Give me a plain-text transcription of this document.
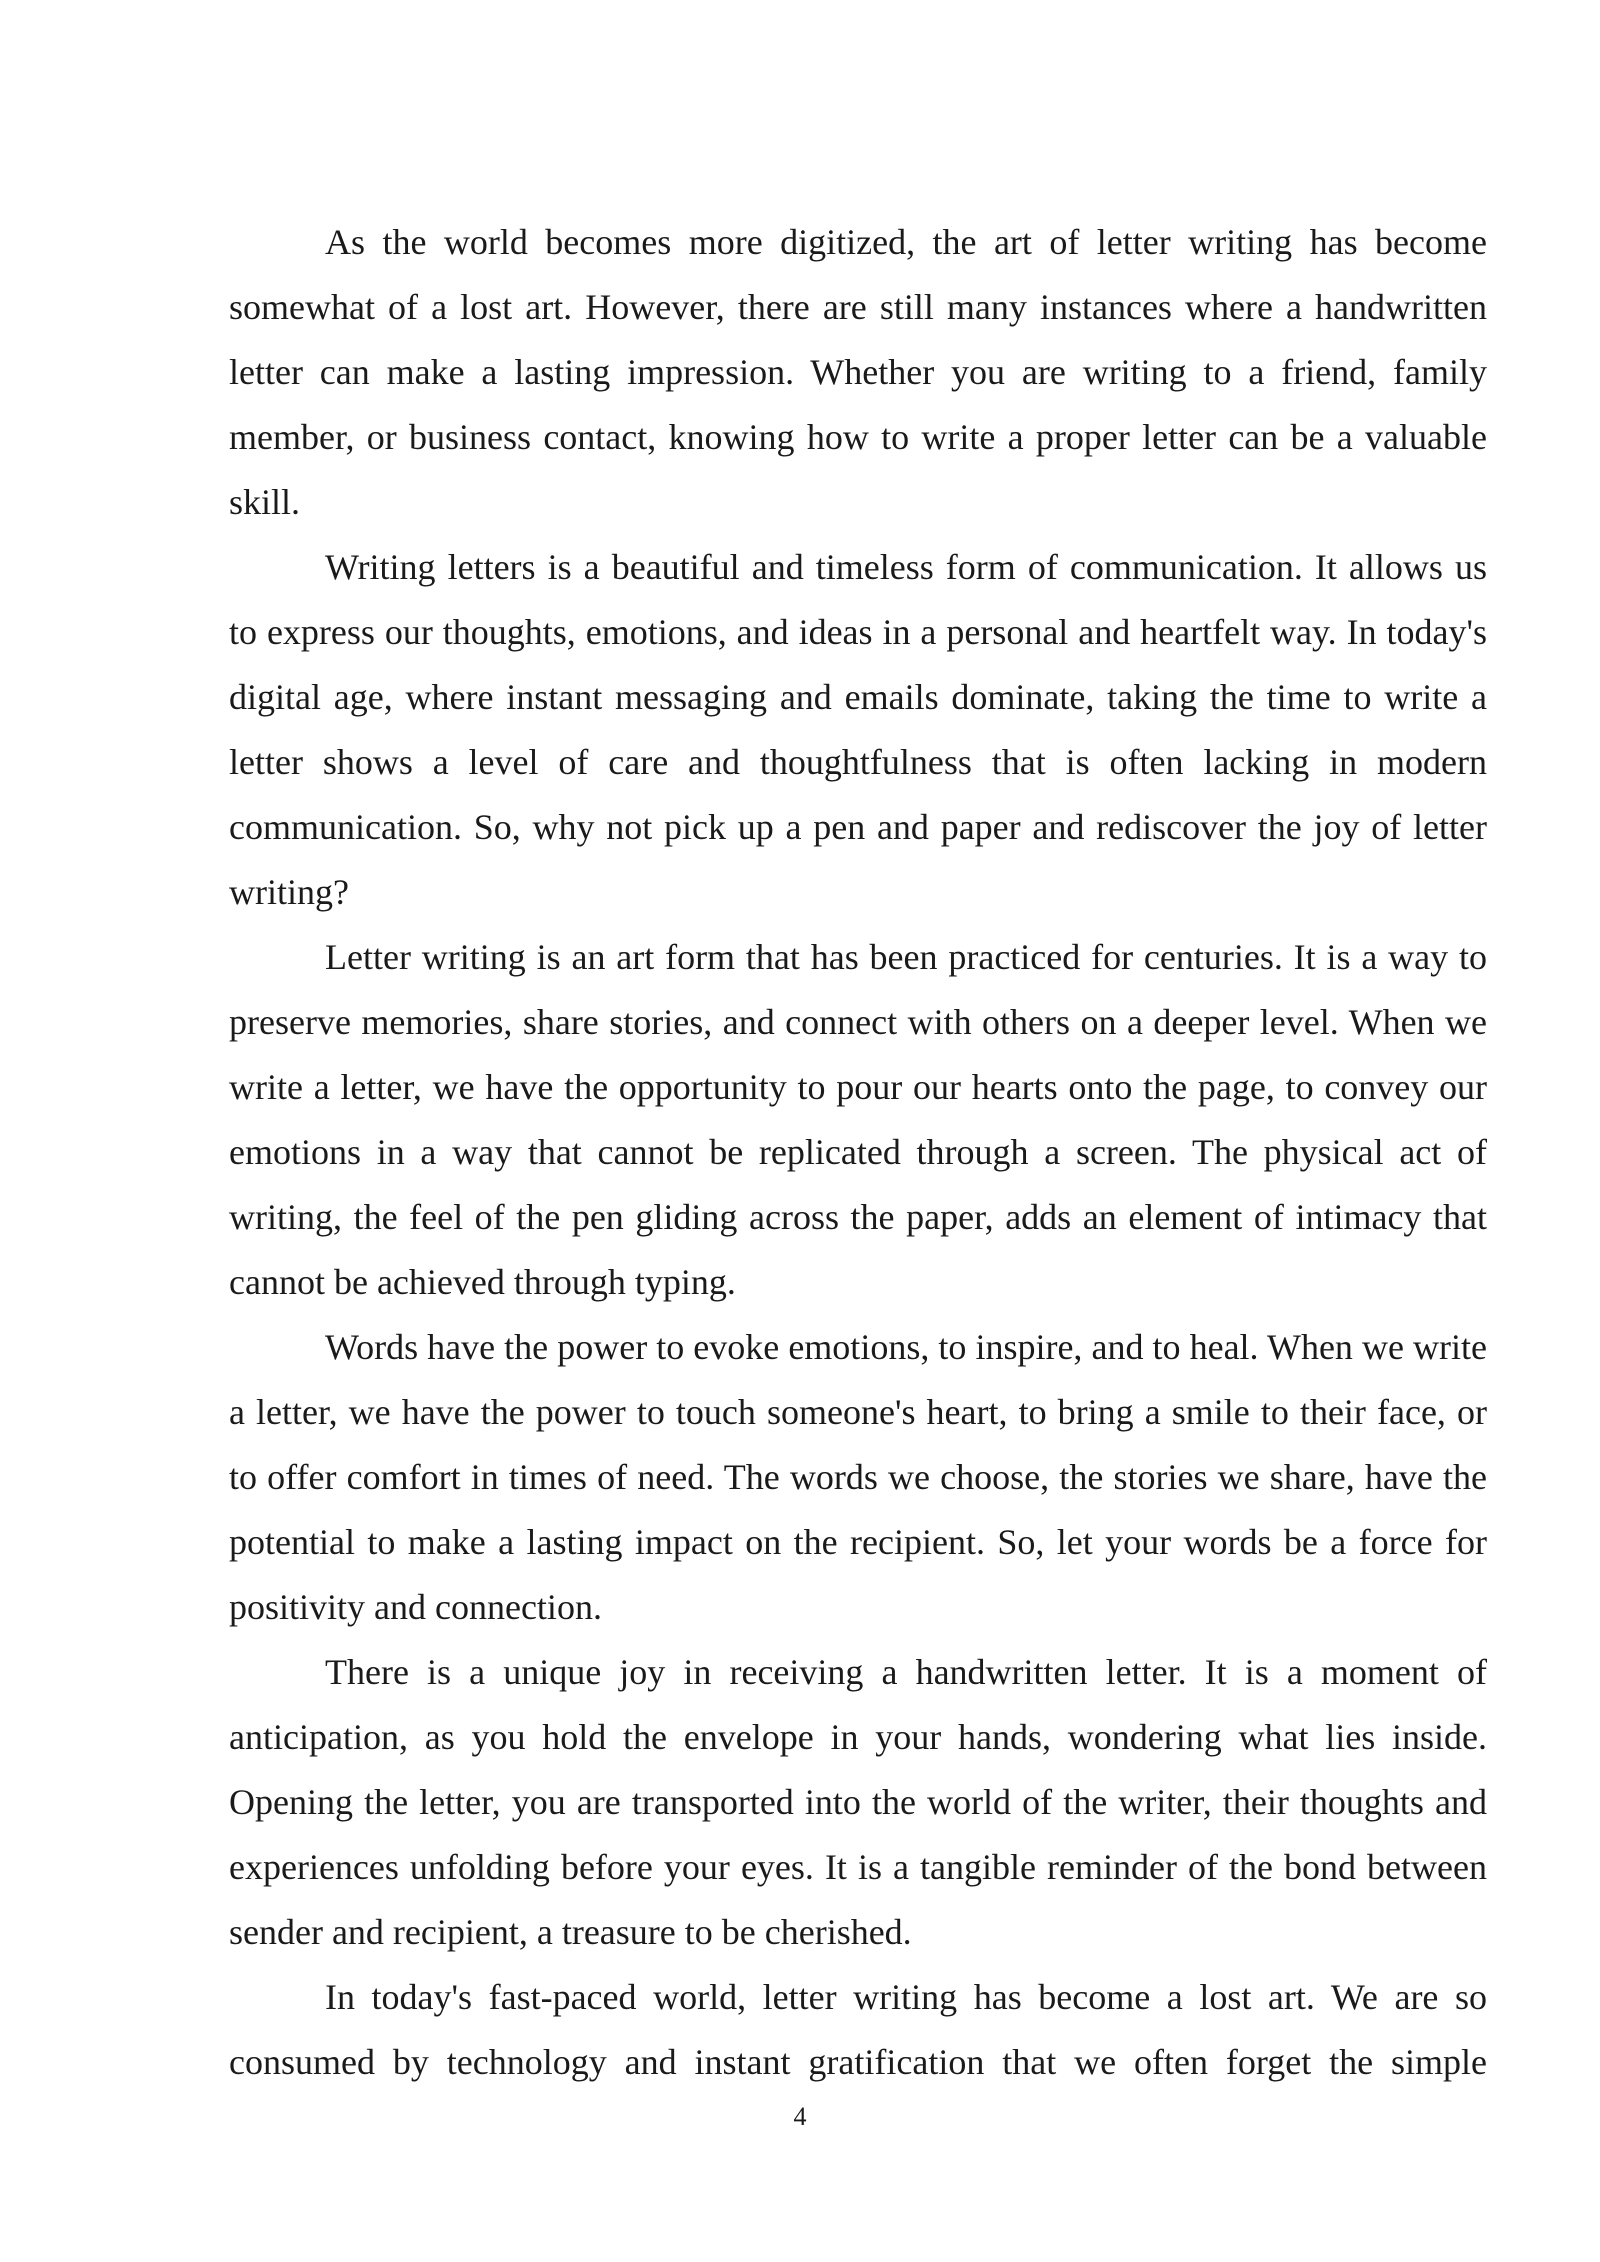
As the world becomes more digitized, the art of letter writing has become somewhat of a lost art. However, there are still many instances where a handwritten letter can make a lasting impression. Whether you are writing to a friend, family member, or business contact, knowing how to write a proper letter can be a valuable skill.

Writing letters is a beautiful and timeless form of communication. It allows us to express our thoughts, emotions, and ideas in a personal and heartfelt way. In today's digital age, where instant messaging and emails dominate, taking the time to write a letter shows a level of care and thoughtfulness that is often lacking in modern communication. So, why not pick up a pen and paper and rediscover the joy of letter writing?

Letter writing is an art form that has been practiced for centuries. It is a way to preserve memories, share stories, and connect with others on a deeper level. When we write a letter, we have the opportunity to pour our hearts onto the page, to convey our emotions in a way that cannot be replicated through a screen. The physical act of writing, the feel of the pen gliding across the paper, adds an element of intimacy that cannot be achieved through typing.

Words have the power to evoke emotions, to inspire, and to heal. When we write a letter, we have the power to touch someone's heart, to bring a smile to their face, or to offer comfort in times of need. The words we choose, the stories we share, have the potential to make a lasting impact on the recipient. So, let your words be a force for positivity and connection.

There is a unique joy in receiving a handwritten letter. It is a moment of anticipation, as you hold the envelope in your hands, wondering what lies inside. Opening the letter, you are transported into the world of the writer, their thoughts and experiences unfolding before your eyes. It is a tangible reminder of the bond between sender and recipient, a treasure to be cherished.

In today's fast-paced world, letter writing has become a lost art. We are so consumed by technology and instant gratification that we often forget the simple

4
